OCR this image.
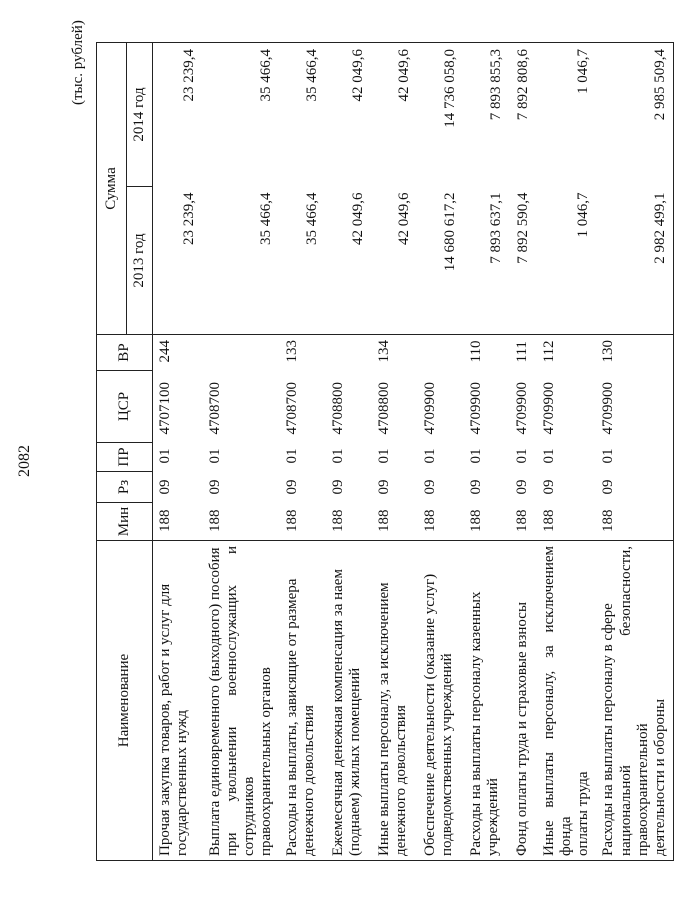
2082
(тыс. рублей)
Наименование	Мин	Рз	ПР	ЦСР	ВР	Сумма	
						2013 год	2014 год

Прочая закупка товаров, работ и услуг для государственных нужд	188	09	01	4707100	244	23 239,4	23 239,4

Выплата единовременного (выходного) пособия при увольнении военнослужащих и сотрудников правоохранительных органов	188	09	01	4708700		35 466,4	35 466,4

Расходы на выплаты, зависящие от размера денежного довольствия	188	09	01	4708700	133	35 466,4	35 466,4

Ежемесячная денежная компенсация за наем (поднаем) жилых помещений	188	09	01	4708800		42 049,6	42 049,6

Иные выплаты персоналу, за исключением денежного довольствия	188	09	01	4708800	134	42 049,6	42 049,6

Обеспечение деятельности (оказание услуг) подведомственных учреждений	188	09	01	4709900		14 680 617,2	14 736 058,0

Расходы на выплаты персоналу казенных учреждений	188	09	01	4709900	110	7 893 637,1	7 893 855,3

Фонд оплаты труда и страховые взносы	188	09	01	4709900	111	7 892 590,4	7 892 808,6

Иные выплаты персоналу, за исключением фонда оплаты труда	188	09	01	4709900	112	1 046,7	1 046,7

Расходы на выплаты персоналу в сфере национальной безопасности, правоохранительной деятельности и обороны	188	09	01	4709900	130	2 982 499,1	2 985 509,4
